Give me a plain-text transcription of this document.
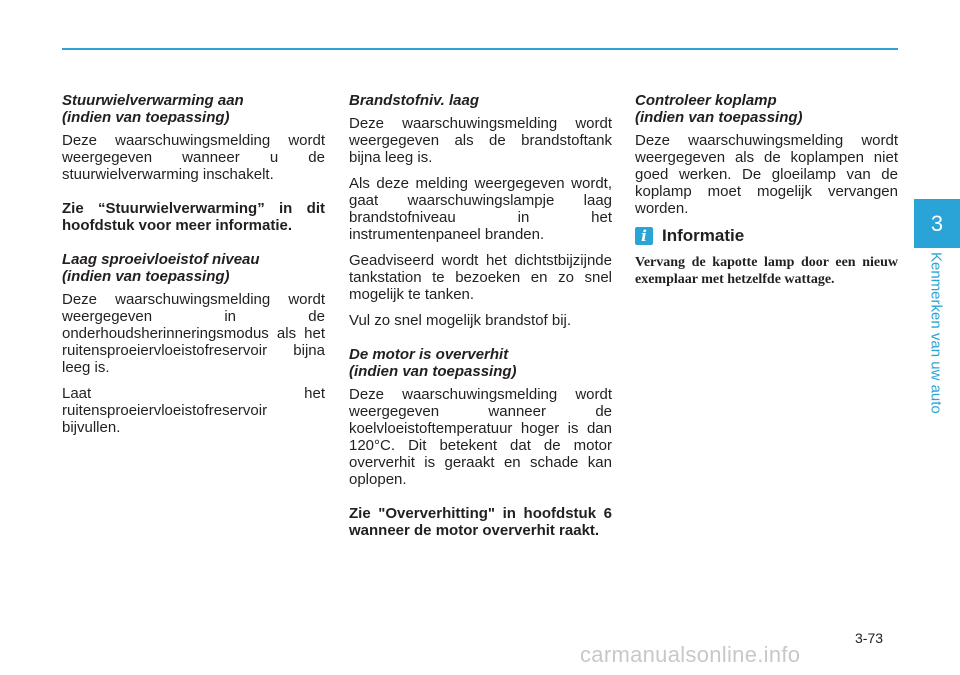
Stuurwielverwarming aan
(indien van toepassing)

Deze waarschuwingsmelding wordt weergegeven wanneer u de stuurwielverwarming inschakelt.

Zie “Stuurwielverwarming” in dit hoofdstuk voor meer informatie.

Laag sproeivloeistof niveau
(indien van toepassing)

Deze waarschuwingsmelding wordt weergegeven in de onderhoudsherinneringsmodus als het ruitensproeiervloeistofreservoir bijna leeg is.

Laat het ruitensproeiervloeistofreservoir bijvullen.

Brandstofniv. laag

Deze waarschuwingsmelding wordt weergegeven als de brandstoftank bijna leeg is.

Als deze melding weergegeven wordt, gaat waarschuwingslampje laag brandstofniveau in het instrumentenpaneel branden.

Geadviseerd wordt het dichtstbijzijnde tankstation te bezoeken en zo snel mogelijk te tanken.

Vul zo snel mogelijk brandstof bij.

De motor is oververhit
(indien van toepassing)

Deze waarschuwingsmelding wordt weergegeven wanneer de koelvloeistoftemperatuur hoger is dan 120°C. Dit betekent dat de motor oververhit is geraakt en schade kan oplopen.

Zie "Oververhitting" in hoofdstuk 6 wanneer de motor oververhit raakt.

Controleer koplamp
(indien van toepassing)

Deze waarschuwingsmelding wordt weergegeven als de koplampen niet goed werken. De gloeilamp van de koplamp moet mogelijk vervangen worden.

i Informatie
Vervang de kapotte lamp door een nieuw exemplaar met hetzelfde wattage.
3
Kenmerken van uw auto
3-73
carmanualsonline.info
